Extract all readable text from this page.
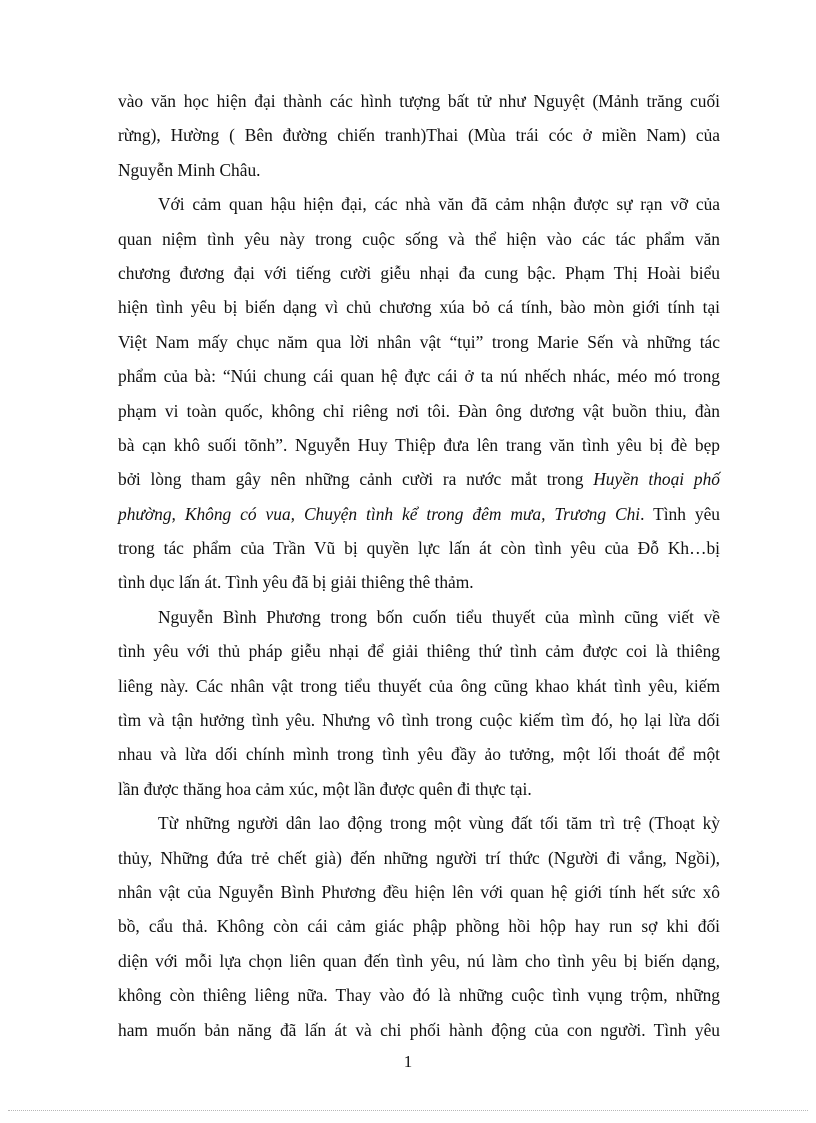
vào văn học hiện đại thành các hình tượng bất tử như Nguyệt (Mảnh trăng cuối
rừng), Hường ( Bên đường chiến tranh)Thai (Mùa trái cóc ở miền Nam) của
Nguyễn Minh Châu.
Với cảm quan hậu hiện đại, các nhà văn đã cảm nhận được sự rạn vỡ của
quan niệm tình yêu này trong cuộc sống và thể hiện vào các tác phẩm văn
chương đương đại với tiếng cười giễu nhại đa cung bậc. Phạm Thị Hoài biểu
hiện tình yêu bị biến dạng vì chủ chương xúa bỏ cá tính, bào mòn giới tính tại
Việt Nam mấy chục năm qua lời nhân vật “tụi” trong Marie Sến và những tác
phẩm của bà: “Núi chung cái quan hệ đực cái ở ta nú nhếch nhác, méo mó trong
phạm vi toàn quốc, không chỉ riêng nơi tôi. Đàn ông dương vật buồn thiu, đàn
bà cạn khô suối tõnh”. Nguyễn Huy Thiệp đưa lên trang văn tình yêu bị đè bẹp
bởi lòng tham gây nên những cảnh cười ra nước mắt trong Huyền thoại phố
phường, Không có vua, Chuyện tình kể trong đêm mưa, Trương Chi. Tình yêu
trong tác phẩm của Trần Vũ bị quyền lực lấn át còn tình yêu của Đỗ Kh…bị
tình dục lấn át. Tình yêu đã bị giải thiêng thê thảm.
Nguyễn Bình Phương trong bốn cuốn tiểu thuyết của mình cũng viết về
tình yêu với thủ pháp giễu nhại để giải thiêng thứ tình cảm được coi là thiêng
liêng này. Các nhân vật trong tiểu thuyết của ông cũng khao khát tình yêu, kiếm
tìm và tận hưởng tình yêu. Nhưng vô tình trong cuộc kiếm tìm đó, họ lại lừa dối
nhau và lừa dối chính mình trong tình yêu đầy ảo tưởng, một lối thoát để một
lần được thăng hoa cảm xúc, một lần được quên đi thực tại.
Từ những người dân lao động trong một vùng đất tối tăm trì trệ (Thoạt kỳ
thủy, Những đứa trẻ chết già) đến những người trí thức (Người đi vắng, Ngồi),
nhân vật của Nguyễn Bình Phương đều hiện lên với quan hệ giới tính hết sức xô
bồ, cẩu thả. Không còn cái cảm giác phập phồng hồi hộp hay run sợ khi đối
diện với mỗi lựa chọn liên quan đến tình yêu, nú làm cho tình yêu bị biến dạng,
không còn thiêng liêng nữa. Thay vào đó là những cuộc tình vụng trộm, những
ham muốn bản năng đã lấn át và chi phối hành động của con người. Tình yêu
1
